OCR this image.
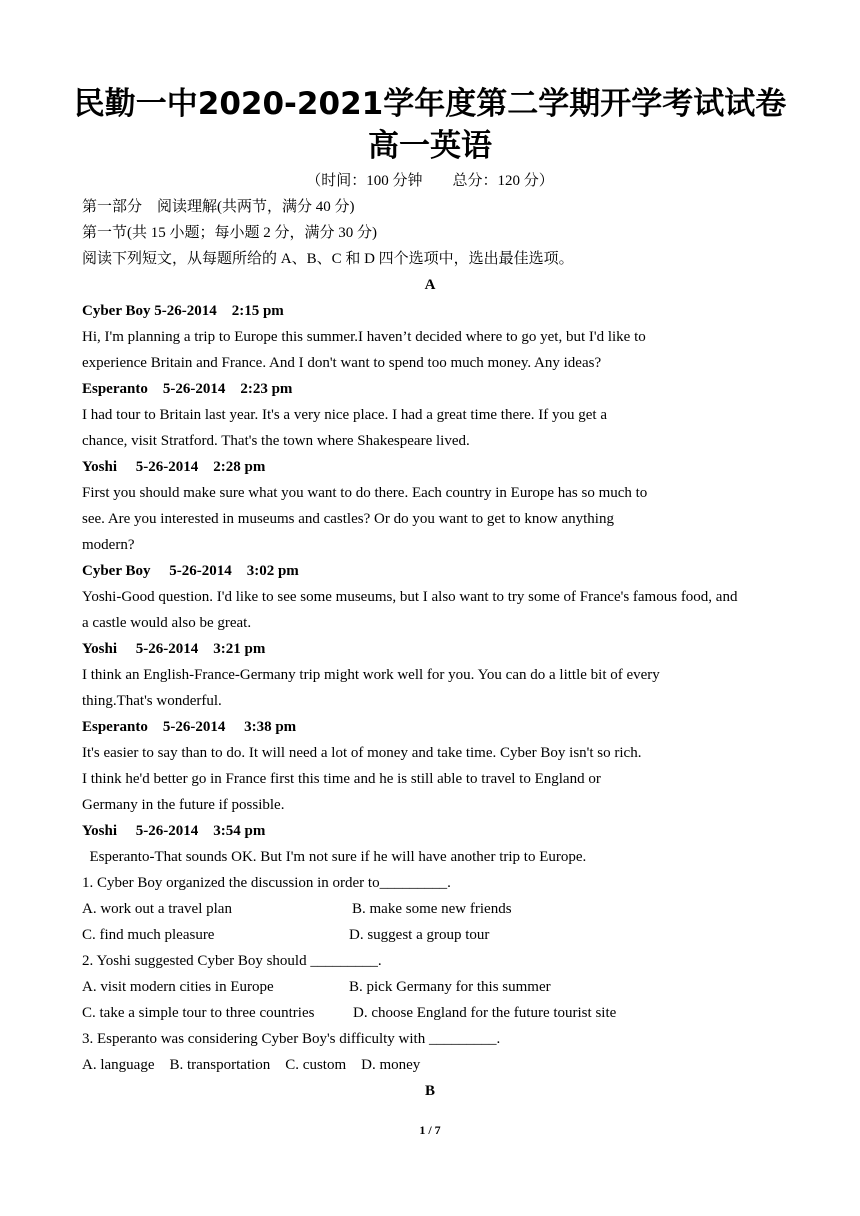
民勤一中2020-2021学年度第二学期开学考试试卷
高一英语
（时间：100 分钟　　总分：120 分）
第一部分　阅读理解(共两节，满分 40 分)
第一节(共 15 小题；每小题 2 分，满分 30 分)
阅读下列短文，从每题所给的 A、B、C 和 D 四个选项中，选出最佳选项。
A
Cyber Boy 5-26-2014　2:15 pm
Hi, I'm planning a trip to Europe this summer.I haven’t decided where to go yet, but I'd like to
experience Britain and France. And I don't want to spend too much money. Any ideas?
Esperanto　5-26-2014　2:23 pm
I had tour to Britain last year. It's a very nice place. I had a great time there. If you get a
chance, visit Stratford. That's the town where Shakespeare lived.
Yoshi　 5-26-2014　2:28 pm
First you should make sure what you want to do there. Each country in Europe has so much to
see. Are you interested in museums and castles? Or do you want to get to know anything
modern?
Cyber Boy　 5-26-2014　3:02 pm
Yoshi-Good question. I'd like to see some museums, but I also want to try some of France's famous food, and
a castle would also be great.
Yoshi　 5-26-2014　3:21 pm
I think an English-France-Germany trip might work well for you. You can do a little bit of every
thing.That's wonderful.
Esperanto　5-26-2014　 3:38 pm
It's easier to say than to do. It will need a lot of money and take time. Cyber Boy isn't so rich.
I think he'd better go in France first this time and he is still able to travel to England or
Germany in the future if possible.
Yoshi　 5-26-2014　3:54 pm
Esperanto-That sounds OK. But I'm not sure if he will have another trip to Europe.
1. Cyber Boy organized the discussion in order to_________.
A. work out a travel plan	B. make some new friends
C. find much pleasure	D. suggest a group tour
2. Yoshi suggested Cyber Boy should _________.
A. visit modern cities in Europe	B. pick Germany for this summer
C. take a simple tour to three countries	D. choose England for the future tourist site
3. Esperanto was considering Cyber Boy's difficulty with _________.
A. language　B. transportation　C. custom　D. money
B
1 / 7
